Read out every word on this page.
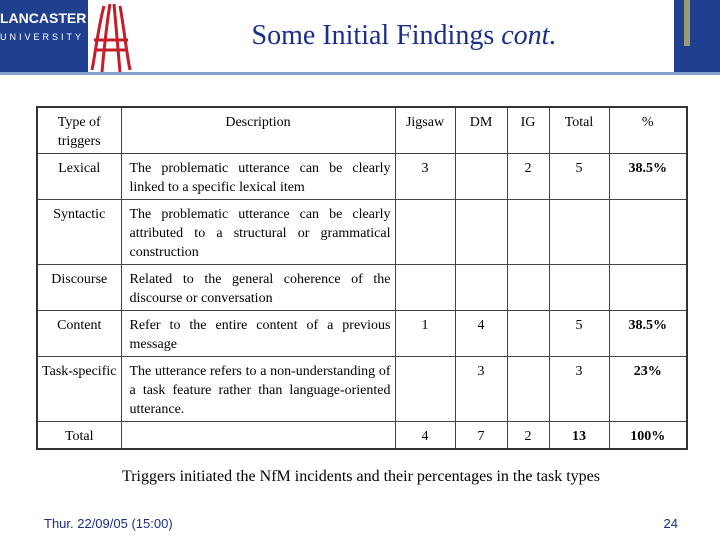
LANCASTER
UNIVERSITY	Some Initial Findings cont.
Type of triggers	Description	Jigsaw	DM	IG	Total	%
Lexical	The problematic utterance can be clearly linked to a specific lexical item	3		2	5	38.5%
Syntactic	The problematic utterance can be clearly attributed to a structural or grammatical construction					
Discourse	Related to the general coherence of the discourse or conversation					
Content	Refer to the entire content of a previous message	1	4		5	38.5%
Task-specific	The utterance refers to a non-understanding of a task feature rather than language-oriented utterance.		3		3	23%
Total		4	7	2	13	100%
Triggers initiated the NfM incidents and their percentages in the task types
Thur. 22/09/05 (15:00)	24
